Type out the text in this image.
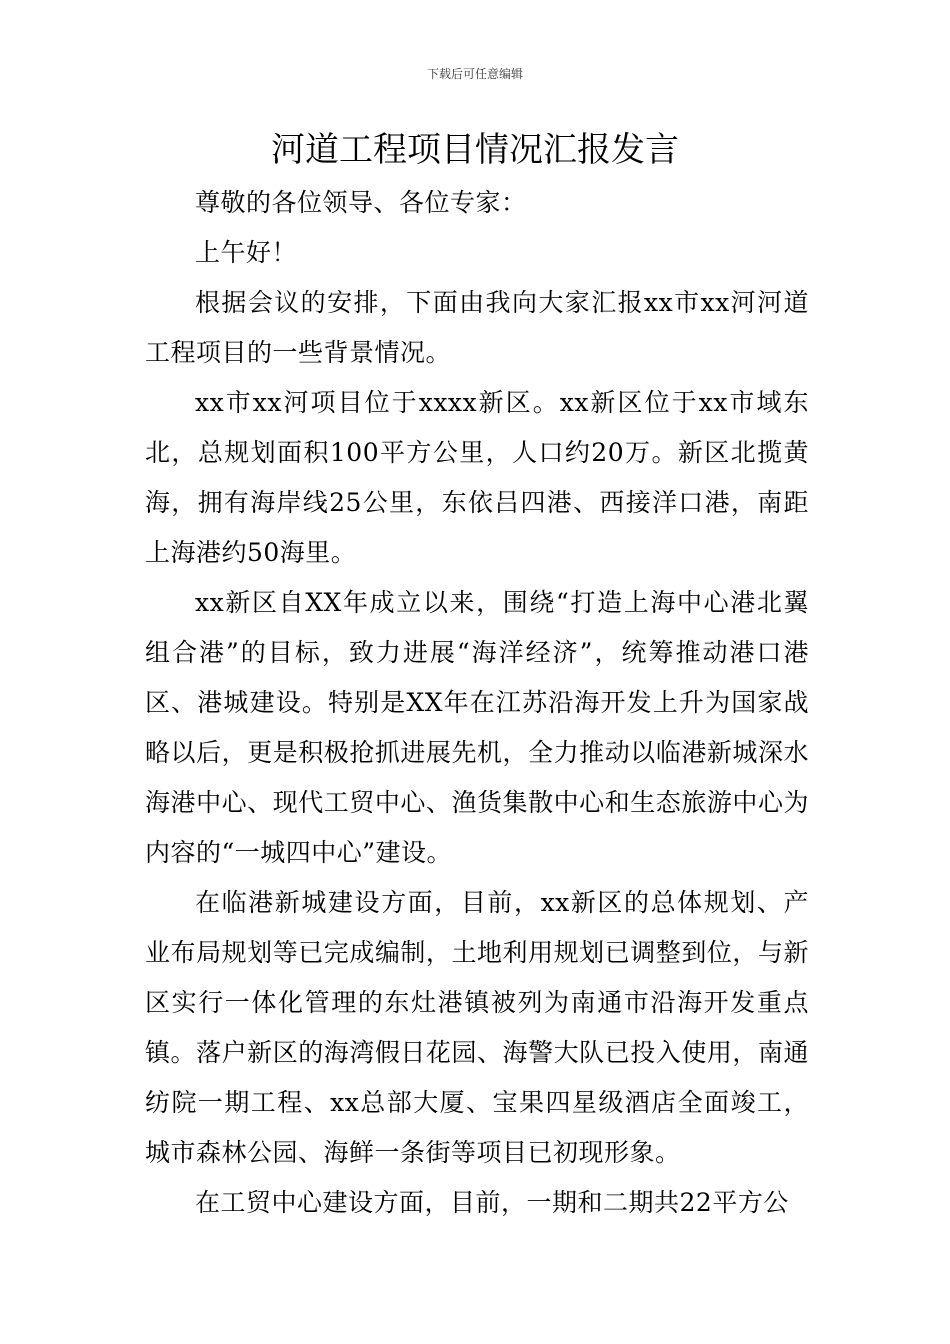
下载后可任意编辑
河道工程项目情况汇报发言

尊敬的各位领导、各位专家：

上午好！

根据会议的安排，下面由我向大家汇报xx市xx河河道工程项目的一些背景情况。

xx市xx河项目位于xxxx新区。xx新区位于xx市域东北，总规划面积100平方公里，人口约20万。新区北揽黄海，拥有海岸线25公里，东依吕四港、西接洋口港，南距上海港约50海里。

xx新区自XX年成立以来，围绕“打造上海中心港北翼组合港”的目标，致力进展“海洋经济”，统筹推动港口港区、港城建设。特别是XX年在江苏沿海开发上升为国家战略以后，更是积极抢抓进展先机，全力推动以临港新城深水海港中心、现代工贸中心、渔货集散中心和生态旅游中心为内容的“一城四中心”建设。

在临港新城建设方面，目前，xx新区的总体规划、产业布局规划等已完成编制，土地利用规划已调整到位，与新区实行一体化管理的东灶港镇被列为南通市沿海开发重点镇。落户新区的海湾假日花园、海警大队已投入使用，南通纺院一期工程、xx总部大厦、宝果四星级酒店全面竣工，城市森林公园、海鲜一条街等项目已初现形象。

在工贸中心建设方面，目前，一期和二期共22平方公
